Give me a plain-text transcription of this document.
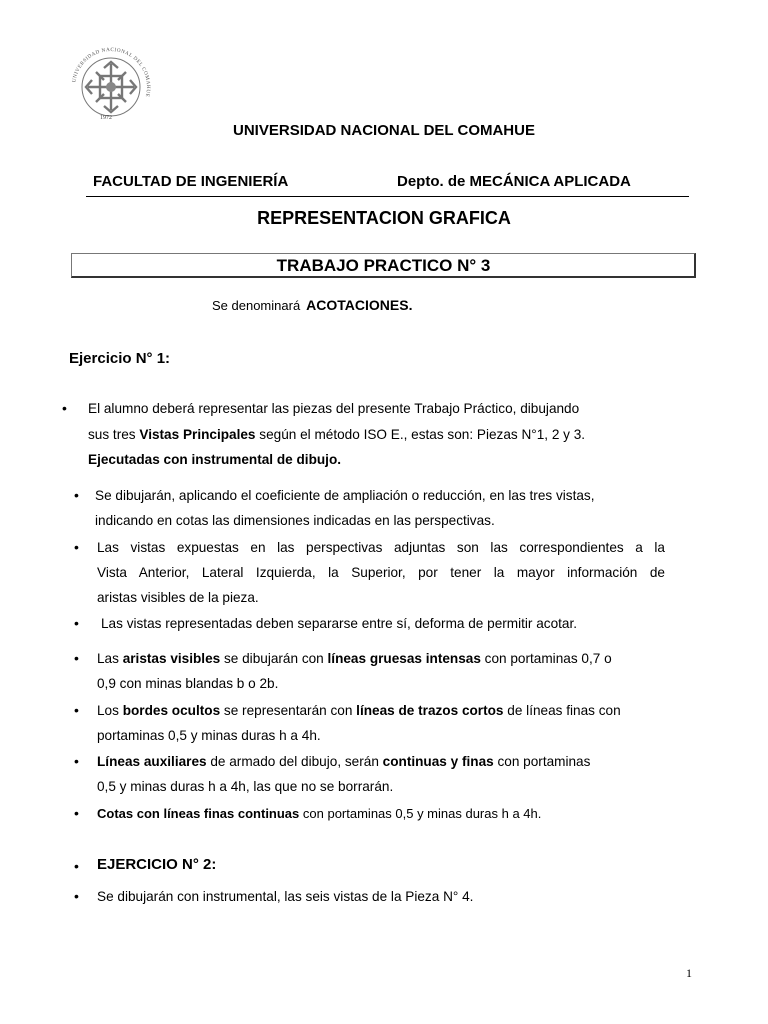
UNIVERSIDAD NACIONAL DEL COMAHUE
1972
UNIVERSIDAD NACIONAL DEL COMAHUE
FACULTAD DE INGENIERÍA	Depto. de MECÁNICA APLICADA
REPRESENTACION GRAFICA
TRABAJO PRACTICO N° 3
Se denominará ACOTACIONES.
Ejercicio N° 1:
• El alumno deberá representar las piezas del presente Trabajo Práctico, dibujando
sus tres Vistas Principales según el método ISO E., estas son: Piezas N°1, 2 y 3.
Ejecutadas con instrumental de dibujo.
• Se dibujarán, aplicando el coeficiente de ampliación o reducción, en las tres vistas,
indicando en cotas las dimensiones indicadas en las perspectivas.
• Las vistas expuestas en las perspectivas adjuntas son las correspondientes a la
Vista Anterior, Lateral Izquierda, la Superior, por tener la mayor información de
aristas visibles de la pieza.
• Las vistas representadas deben separarse entre sí, deforma de permitir acotar.
• Las aristas visibles se dibujarán con líneas gruesas intensas con portaminas 0,7 o
0,9 con minas blandas b o 2b.
• Los bordes ocultos se representarán con líneas de trazos cortos de líneas finas con
portaminas 0,5 y minas duras h a 4h.
• Líneas auxiliares de armado del dibujo, serán continuas y finas con portaminas
0,5 y minas duras h a 4h, las que no se borrarán.
• Cotas con líneas finas continuas con portaminas 0,5 y minas duras h a 4h.
• EJERCICIO N° 2:
• Se dibujarán con instrumental, las seis vistas de la Pieza N° 4.
1
